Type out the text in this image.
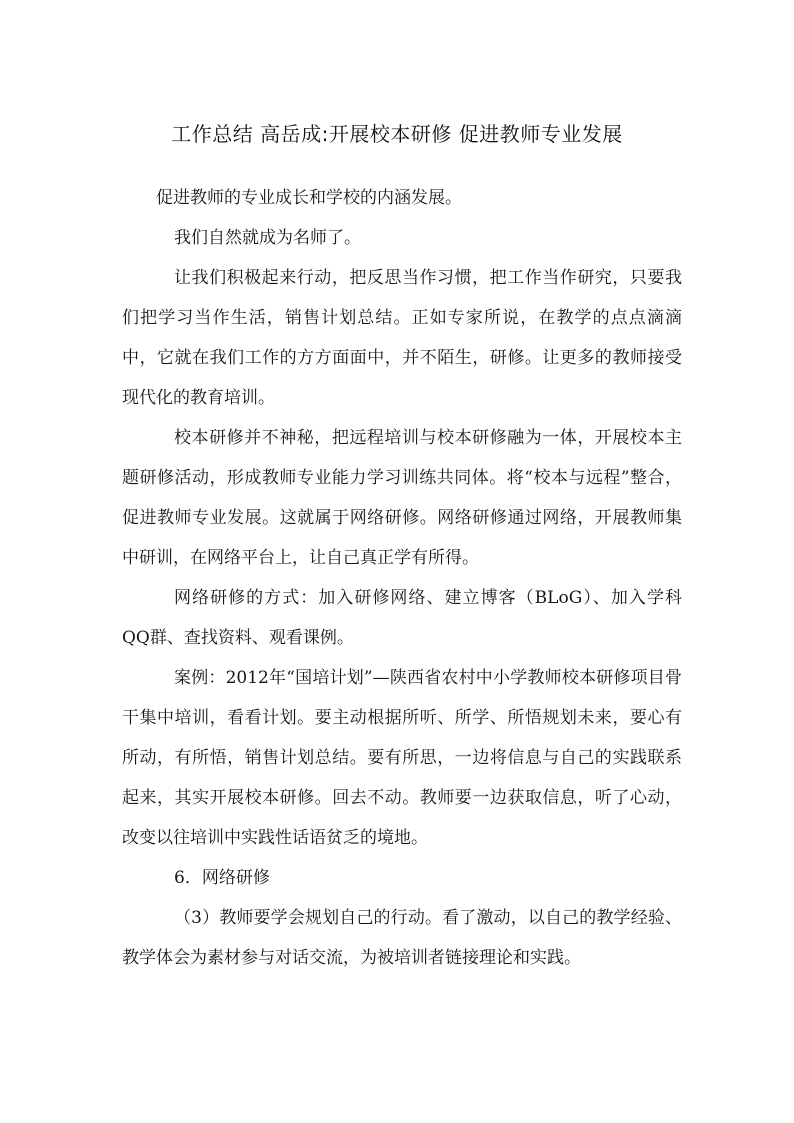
工作总结 高岳成:开展校本研修 促进教师专业发展

促进教师的专业成长和学校的内涵发展。

我们自然就成为名师了。

让我们积极起来行动，把反思当作习惯，把工作当作研究，只要我们把学习当作生活，销售计划总结。正如专家所说，在教学的点点滴滴中，它就在我们工作的方方面面中，并不陌生，研修。让更多的教师接受现代化的教育培训。

校本研修并不神秘，把远程培训与校本研修融为一体，开展校本主题研修活动，形成教师专业能力学习训练共同体。将“校本与远程”整合，促进教师专业发展。这就属于网络研修。网络研修通过网络，开展教师集中研训，在网络平台上，让自己真正学有所得。

网络研修的方式：加入研修网络、建立博客（BLoG）、加入学科QQ群、查找资料、观看课例。

案例：2012年“国培计划”—陕西省农村中小学教师校本研修项目骨干集中培训，看看计划。要主动根据所听、所学、所悟规划未来，要心有所动，有所悟，销售计划总结。要有所思，一边将信息与自己的实践联系起来，其实开展校本研修。回去不动。教师要一边获取信息，听了心动，改变以往培训中实践性话语贫乏的境地。

6．网络研修

（3）教师要学会规划自己的行动。看了激动，以自己的教学经验、教学体会为素材参与对话交流，为被培训者链接理论和实践。
